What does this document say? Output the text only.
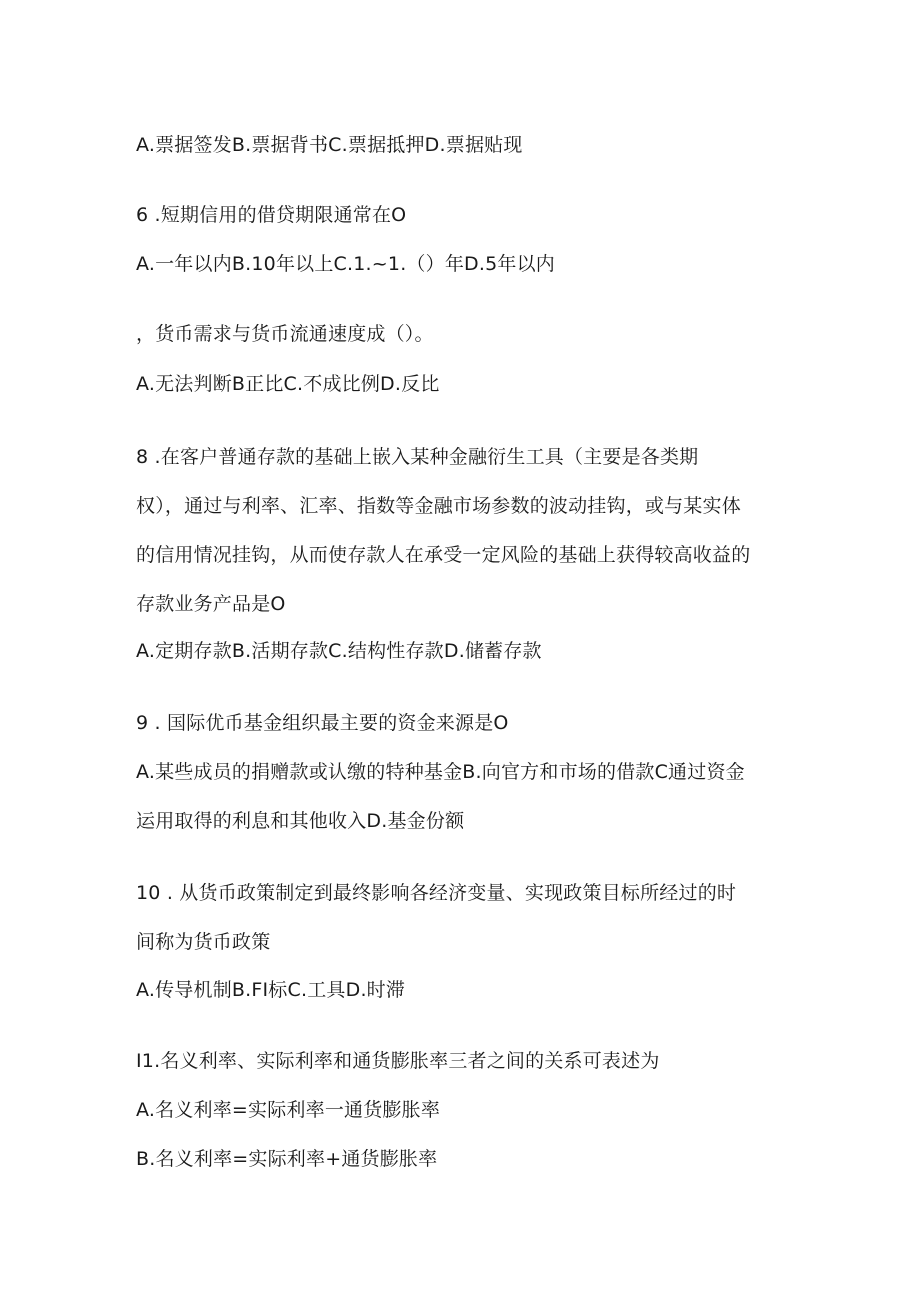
A.票据签发B.票据背书C.票据抵押D.票据贴现
6 .短期信用的借贷期限通常在O
A.一年以内B.10年以上C.1.~1.（）年D.5年以内
，货币需求与货币流通速度成（）。
A.无法判断B正比C.不成比例D.反比
8 .在客户普通存款的基础上嵌入某种金融衍生工具（主要是各类期
权），通过与利率、汇率、指数等金融市场参数的波动挂钩，或与某实体
的信用情况挂钩，从而使存款人在承受一定风险的基础上获得较高收益的
存款业务产品是O
A.定期存款B.活期存款C.结构性存款D.储蓄存款
9 . 国际优币基金组织最主要的资金来源是O
A.某些成员的捐赠款或认缴的特种基金B.向官方和市场的借款C通过资金
运用取得的利息和其他收入D.基金份额
10 . 从货币政策制定到最终影响各经济变量、实现政策目标所经过的时
间称为货币政策
A.传导机制B.FI标C.工具D.时滞
I1.名义利率、实际利率和通货膨胀率三者之间的关系可表述为
A.名义利率=实际利率一通货膨胀率
B.名义利率=实际利率+通货膨胀率
